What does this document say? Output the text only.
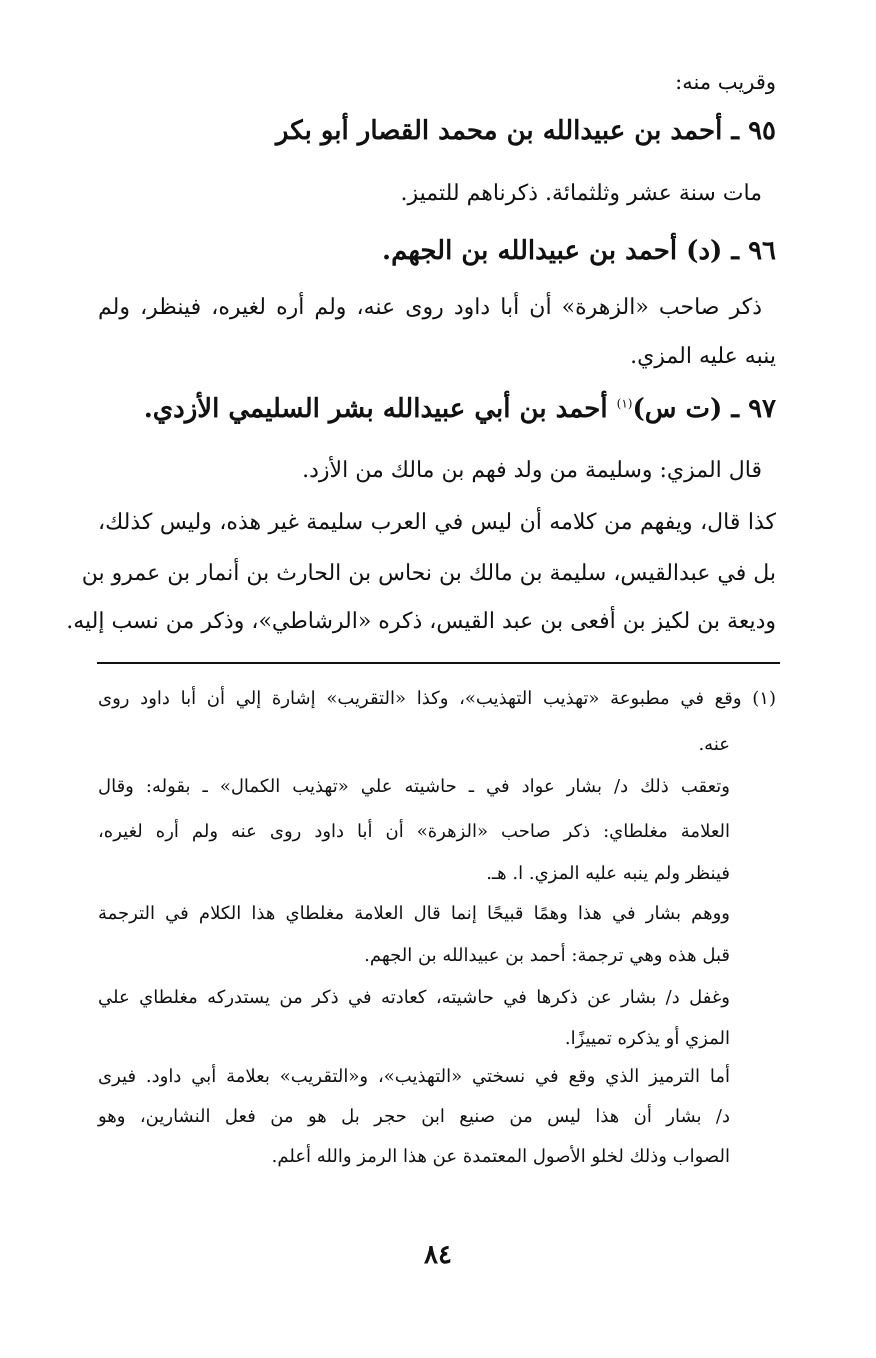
وقريب منه:
٩٥ ـ أحمد بن عبيدالله بن محمد القصار أبو بكر
مات سنة عشر وثلثمائة. ذكرناهم للتميز.
٩٦ ـ (د) أحمد بن عبيدالله بن الجهم.
ذكر صاحب «الزهرة» أن أبا داود روى عنه، ولم أره لغيره، فينظر، ولم
ينبه عليه المزي.
٩٧ ـ (ت س)$^{(١)}$ أحمد بن أبي عبيدالله بشر السليمي الأزدي.
قال المزي: وسليمة من ولد فهم بن مالك من الأزد.
كذا قال، ويفهم من كلامه أن ليس في العرب سليمة غير هذه، وليس كذلك،
بل في عبدالقيس، سليمة بن مالك بن نحاس بن الحارث بن أنمار بن عمرو بن
وديعة بن لكيز بن أفعى بن عبد القيس، ذكره «الرشاطي»، وذكر من نسب إليه.
(١) وقع في مطبوعة «تهذيب التهذيب»، وكذا «التقريب» إشارة إلي أن أبا داود روى
عنه.
وتعقب ذلك د/ بشار عواد في ـ حاشيته علي «تهذيب الكمال» ـ بقوله: وقال
العلامة مغلطاي: ذكر صاحب «الزهرة» أن أبا داود روى عنه ولم أره لغيره،
فينظر ولم ينبه عليه المزي. ا. هـ.
ووهم بشار في هذا وهمًا قبيحًا إنما قال العلامة مغلطاي هذا الكلام في الترجمة
قبل هذه وهي ترجمة: أحمد بن عبيدالله بن الجهم.
وغفل د/ بشار عن ذكرها في حاشيته، كعادته في ذكر من يستدركه مغلطاي علي
المزي أو يذكره تمييزًا.
أما الترميز الذي وقع في نسختي «التهذيب»، و«التقريب» بعلامة أبي داود. فيرى
د/ بشار أن هذا ليس من صنيع ابن حجر بل هو من فعل النشارين، وهو
الصواب وذلك لخلو الأصول المعتمدة عن هذا الرمز والله أعلم.
٨٤
